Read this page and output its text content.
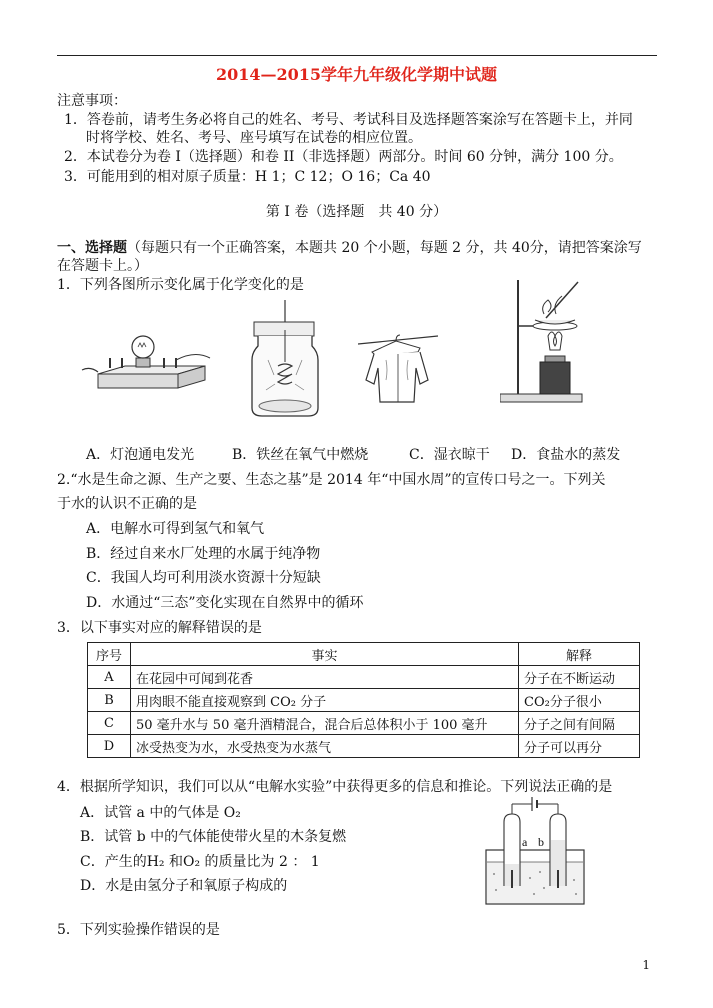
2014—2015学年九年级化学期中试题
注意事项：
1．答卷前，请考生务必将自己的姓名、考号、考试科目及选择题答案涂写在答题卡上，并同
时将学校、姓名、考号、座号填写在试卷的相应位置。
2．本试卷分为卷 I（选择题）和卷 II（非选择题）两部分。时间 60 分钟，满分 100 分。
3．可能用到的相对原子质量：H 1；C 12；O 16；Ca 40
第 I 卷（选择题　共 40 分）
一、选择题（每题只有一个正确答案，本题共 20 个小题，每题 2 分，共 40分，请把答案涂写
在答题卡上。）
1．下列各图所示变化属于化学变化的是
A．灯泡通电发光	B．铁丝在氧气中燃烧	C．湿衣晾干 D．食盐水的蒸发
2.“水是生命之源、生产之要、生态之基”是 2014 年“中国水周”的宣传口号之一。下列关
于水的认识不正确的是
A．电解水可得到氢气和氧气
B．经过自来水厂处理的水属于纯净物
C．我国人均可利用淡水资源十分短缺
D．水通过“三态”变化实现在自然界中的循环
3．以下事实对应的解释错误的是
序号	事实	解释
A	在花园中可闻到花香	分子在不断运动
B	用肉眼不能直接观察到 CO₂ 分子	CO₂分子很小
C	50 毫升水与 50 毫升酒精混合，混合后总体积小于 100 毫升	分子之间有间隔
D	冰受热变为水，水受热变为水蒸气	分子可以再分
4．根据所学知识，我们可以从“电解水实验”中获得更多的信息和推论。下列说法正确的是
A．试管 a 中的气体是 O₂
B．试管 b 中的气体能使带火星的木条复燃
C．产生的H₂ 和O₂ 的质量比为 2 ： 1
D．水是由氢分子和氧原子构成的
a b
5．下列实验操作错误的是
1
